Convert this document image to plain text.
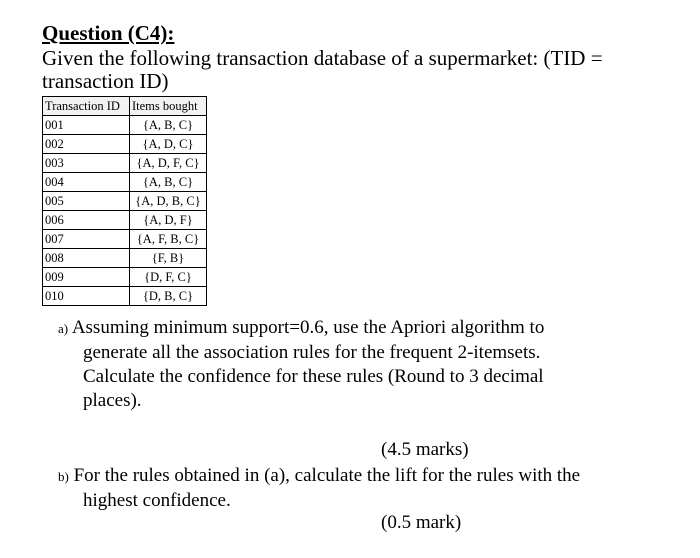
Question (C4):
Given the following transaction database of a supermarket: (TID = transaction ID)
Transaction ID	Items bought
001	{A, B, C}
002	{A, D, C}
003	{A, D, F, C}
004	{A, B, C}
005	{A, D, B, C}
006	{A, D, F}
007	{A, F, B, C}
008	{F, B}
009	{D, F, C}
010	{D, B, C}
a) Assuming minimum support=0.6, use the Apriori algorithm to
generate all the association rules for the frequent 2-itemsets.
Calculate the confidence for these rules (Round to 3 decimal
places).
(4.5 marks)
b) For the rules obtained in (a), calculate the lift for the rules with the
highest confidence.
(0.5 mark)
